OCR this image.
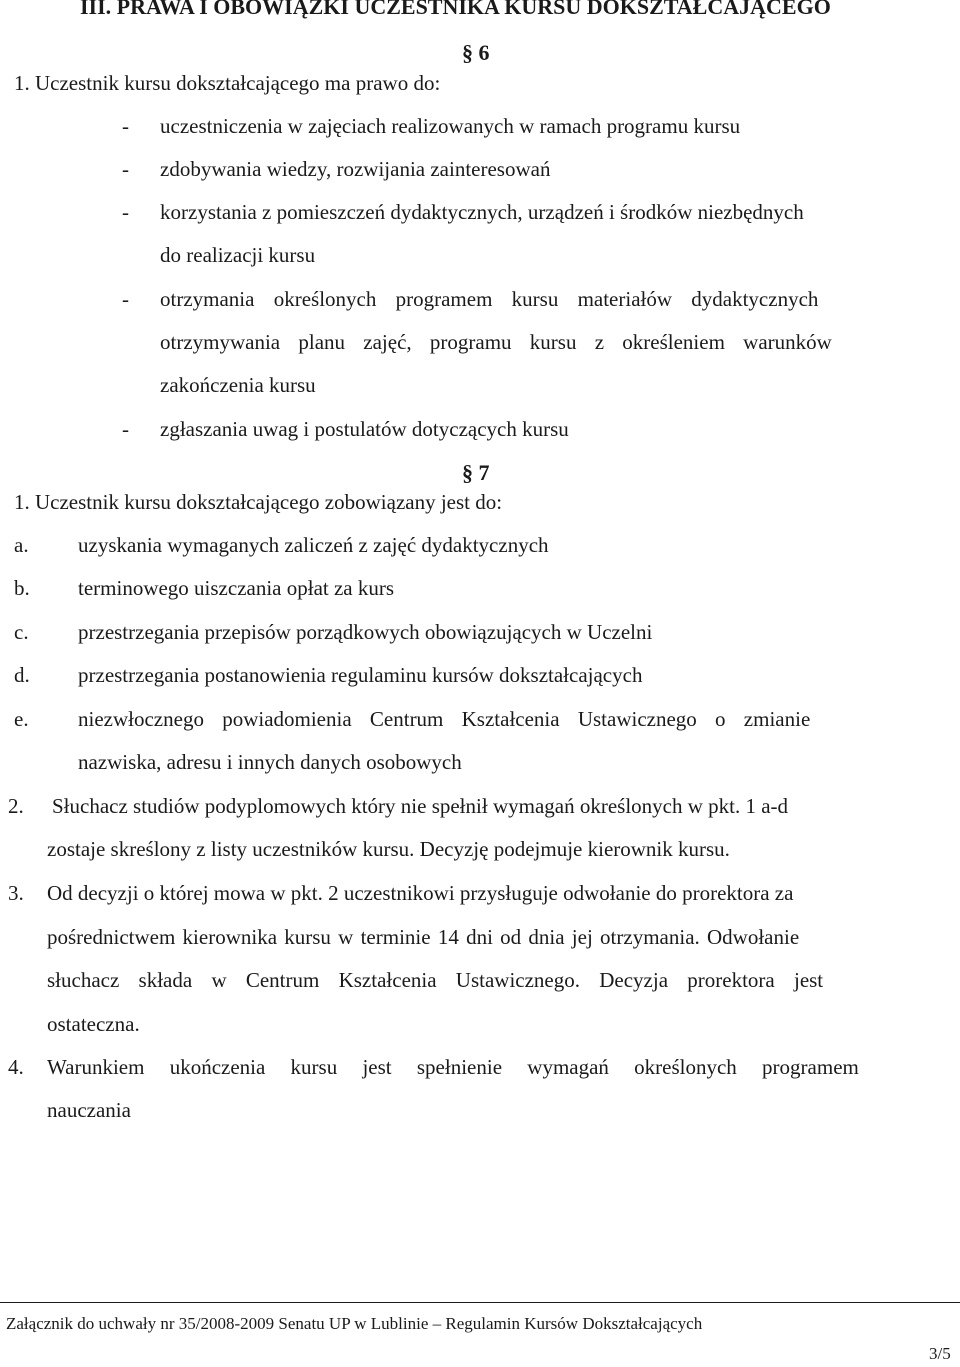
III. PRAWA I OBOWIĄZKI UCZESTNIKA KURSU DOKSZTAŁCAJĄCEGO
§ 6
1. Uczestnik kursu dokształcającego ma prawo do:
- uczestniczenia w zajęciach realizowanych w ramach programu kursu
- zdobywania wiedzy, rozwijania zainteresowań
- korzystania z pomieszczeń dydaktycznych, urządzeń i środków niezbędnych
do realizacji kursu
- otrzymania określonych programem kursu materiałów dydaktycznych
otrzymywania planu zajęć, programu kursu z określeniem warunków
zakończenia kursu
- zgłaszania uwag i postulatów dotyczących kursu
§ 7
1. Uczestnik kursu dokształcającego zobowiązany jest do:
a. uzyskania wymaganych zaliczeń z zajęć dydaktycznych
b. terminowego uiszczania opłat za kurs
c. przestrzegania przepisów porządkowych obowiązujących w Uczelni
d. przestrzegania postanowienia regulaminu kursów dokształcających
e. niezwłocznego powiadomienia Centrum Kształcenia Ustawicznego o zmianie
nazwiska, adresu i innych danych osobowych
2. Słuchacz studiów podyplomowych który nie spełnił wymagań określonych w pkt. 1 a-d
zostaje skreślony z listy uczestników kursu. Decyzję podejmuje kierownik kursu.
3. Od decyzji o której mowa w pkt. 2 uczestnikowi przysługuje odwołanie do prorektora za
pośrednictwem kierownika kursu w terminie 14 dni od dnia jej otrzymania. Odwołanie
słuchacz składa w Centrum Kształcenia Ustawicznego. Decyzja prorektora jest
ostateczna.
4. Warunkiem ukończenia kursu jest spełnienie wymagań określonych programem
nauczania
Załącznik do uchwały nr 35/2008-2009 Senatu UP w Lublinie – Regulamin Kursów Dokształcających
3/5
